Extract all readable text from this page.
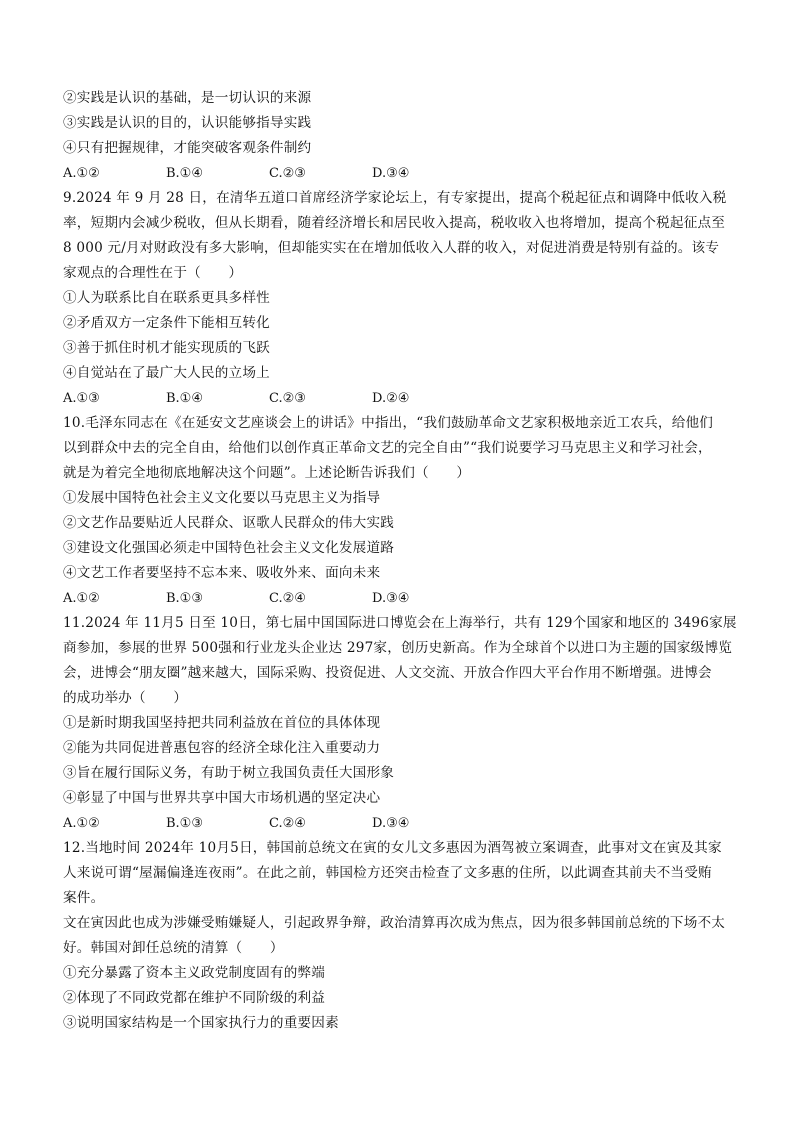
②实践是认识的基础，是一切认识的来源
③实践是认识的目的，认识能够指导实践
④只有把握规律，才能突破客观条件制约
A.①②	B.①④	C.②③	D.③④
9.2024 年 9 月 28 日，在清华五道口首席经济学家论坛上，有专家提出，提高个税起征点和调降中低收入税
率，短期内会减少税收，但从长期看，随着经济增长和居民收入提高，税收收入也将增加，提高个税起征点至
8 000 元/月对财政没有多大影响，但却能实实在在增加低收入人群的收入，对促进消费是特别有益的。该专
家观点的合理性在于（　　）
①人为联系比自在联系更具多样性
②矛盾双方一定条件下能相互转化
③善于抓住时机才能实现质的飞跃
④自觉站在了最广大人民的立场上
A.①③	B.①④	C.②③	D.②④
10.毛泽东同志在《在延安文艺座谈会上的讲话》中指出，“我们鼓励革命文艺家积极地亲近工农兵，给他们
以到群众中去的完全自由，给他们以创作真正革命文艺的完全自由”“我们说要学习马克思主义和学习社会，
就是为着完全地彻底地解决这个问题”。上述论断告诉我们（　　）
①发展中国特色社会主义文化要以马克思主义为指导
②文艺作品要贴近人民群众、讴歌人民群众的伟大实践
③建设文化强国必须走中国特色社会主义文化发展道路
④文艺工作者要坚持不忘本来、吸收外来、面向未来
A.①②	B.①③	C.②④	D.③④
11.2024 年 11月5 日至 10日，第七届中国国际进口博览会在上海举行，共有 129个国家和地区的 3496家展
商参加，参展的世界 500强和行业龙头企业达 297家，创历史新高。作为全球首个以进口为主题的国家级博览
会，进博会“朋友圈”越来越大，国际采购、投资促进、人文交流、开放合作四大平台作用不断增强。进博会
的成功举办（　　）
①是新时期我国坚持把共同利益放在首位的具体体现
②能为共同促进普惠包容的经济全球化注入重要动力
③旨在履行国际义务，有助于树立我国负责任大国形象
④彰显了中国与世界共享中国大市场机遇的坚定决心
A.①②	B.①③	C.②④	D.③④
12.当地时间 2024年 10月5日，韩国前总统文在寅的女儿文多惠因为酒驾被立案调查，此事对文在寅及其家
人来说可谓“屋漏偏逢连夜雨”。在此之前，韩国检方还突击检查了文多惠的住所，以此调查其前夫不当受贿
案件。
文在寅因此也成为涉嫌受贿嫌疑人，引起政界争辩，政治清算再次成为焦点，因为很多韩国前总统的下场不太
好。韩国对卸任总统的清算（　　）
①充分暴露了资本主义政党制度固有的弊端
②体现了不同政党都在维护不同阶级的利益
③说明国家结构是一个国家执行力的重要因素
